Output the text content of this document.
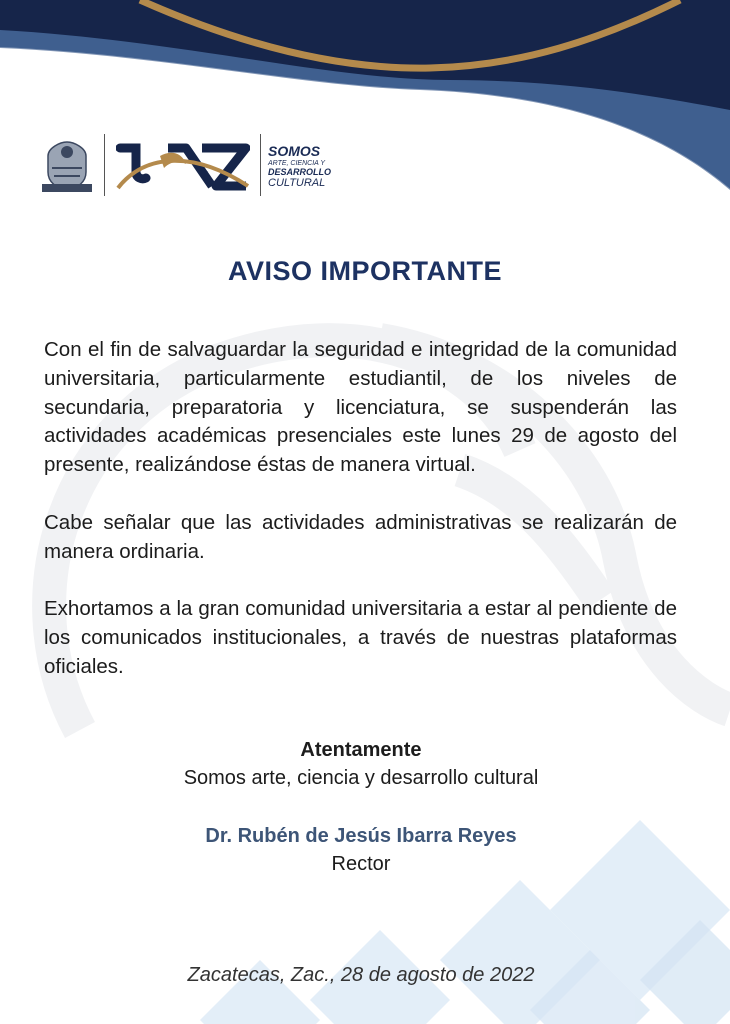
UAZ
SOMOS
ARTE, CIENCIA Y
DESARROLLO
CULTURAL
AVISO IMPORTANTE

Con el fin de salvaguardar la seguridad e integridad de la comunidad universitaria, particularmente estudiantil, de los niveles de secundaria, preparatoria y licenciatura, se suspenderán las actividades académicas presenciales este lunes 29 de agosto del presente, realizándose éstas de manera virtual.

Cabe señalar que las actividades administrativas se realizarán de manera ordinaria.

Exhortamos a la gran comunidad universitaria a estar al pendiente de los comunicados institucionales, a través de nuestras plataformas oficiales.

Atentamente
Somos arte, ciencia y desarrollo cultural
Dr. Rubén de Jesús Ibarra Reyes
Rector
Zacatecas, Zac., 28 de agosto de 2022
